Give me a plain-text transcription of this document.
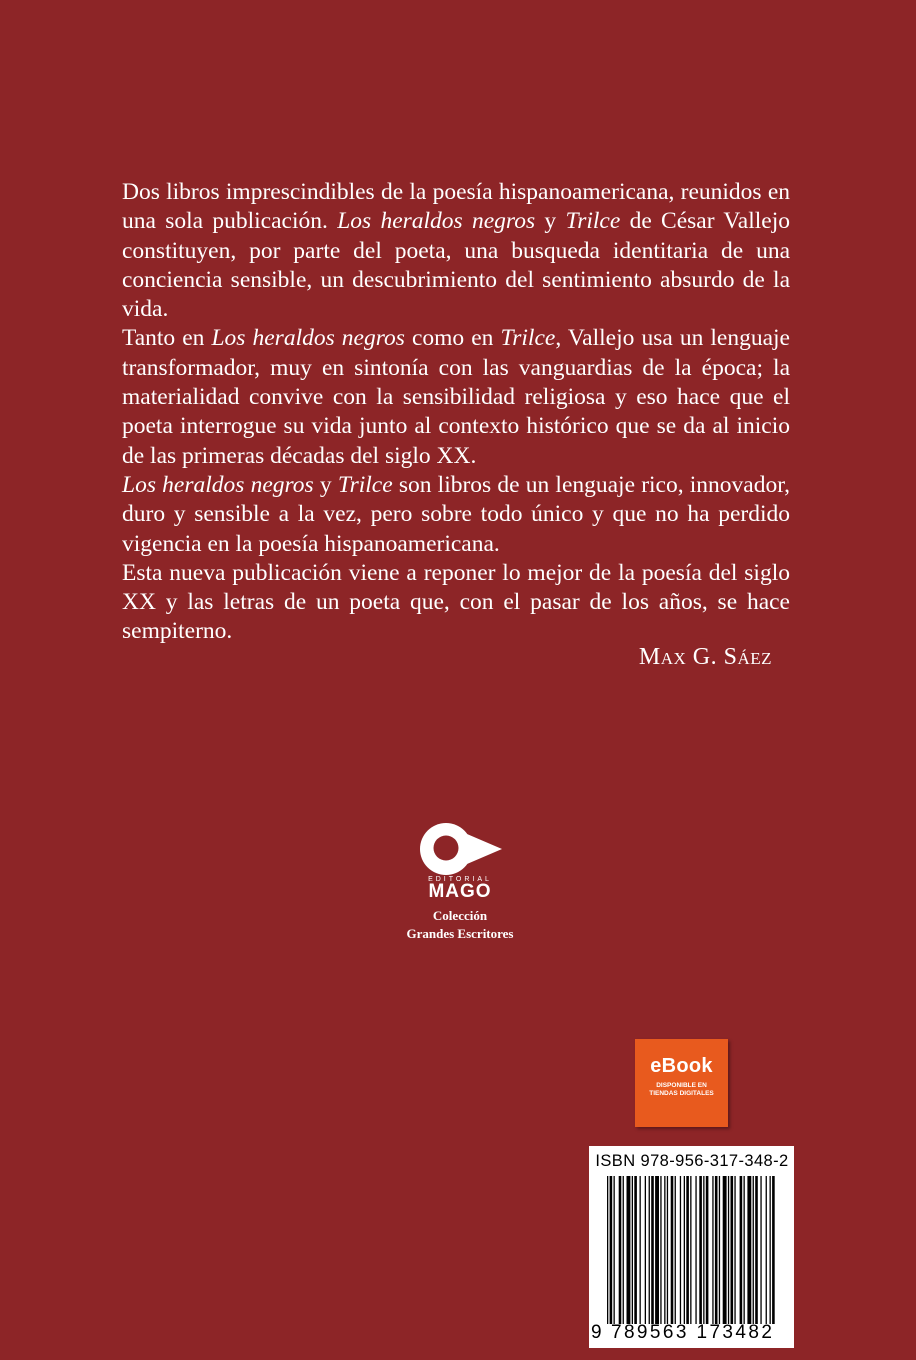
Dos libros imprescindibles de la poesía hispanoamericana, reunidos en una sola publicación. Los heraldos negros y Trilce de César Vallejo constituyen, por parte del poeta, una busqueda identitaria de una conciencia sensible, un descubrimiento del sentimiento absurdo de la vida.

Tanto en Los heraldos negros como en Trilce, Vallejo usa un lenguaje transformador, muy en sintonía con las vanguardias de la época; la materialidad convive con la sensibilidad religiosa y eso hace que el poeta interrogue su vida junto al contexto histórico que se da al inicio de las primeras décadas del siglo XX.

Los heraldos negros y Trilce son libros de un lenguaje rico, innovador, duro y sensible a la vez, pero sobre todo único y que no ha perdido vigencia en la poesía hispanoamericana.

Esta nueva publicación viene a reponer lo mejor de la poesía del siglo XX y las letras de un poeta que, con el pasar de los años, se hace sempiterno.

Max G. Sáez
EDITORIAL
MAGO
Colección
Grandes Escritores
eBook
DISPONIBLE EN
TIENDAS DIGITALES
ISBN 978-956-317-348-2
9 789563 173482
